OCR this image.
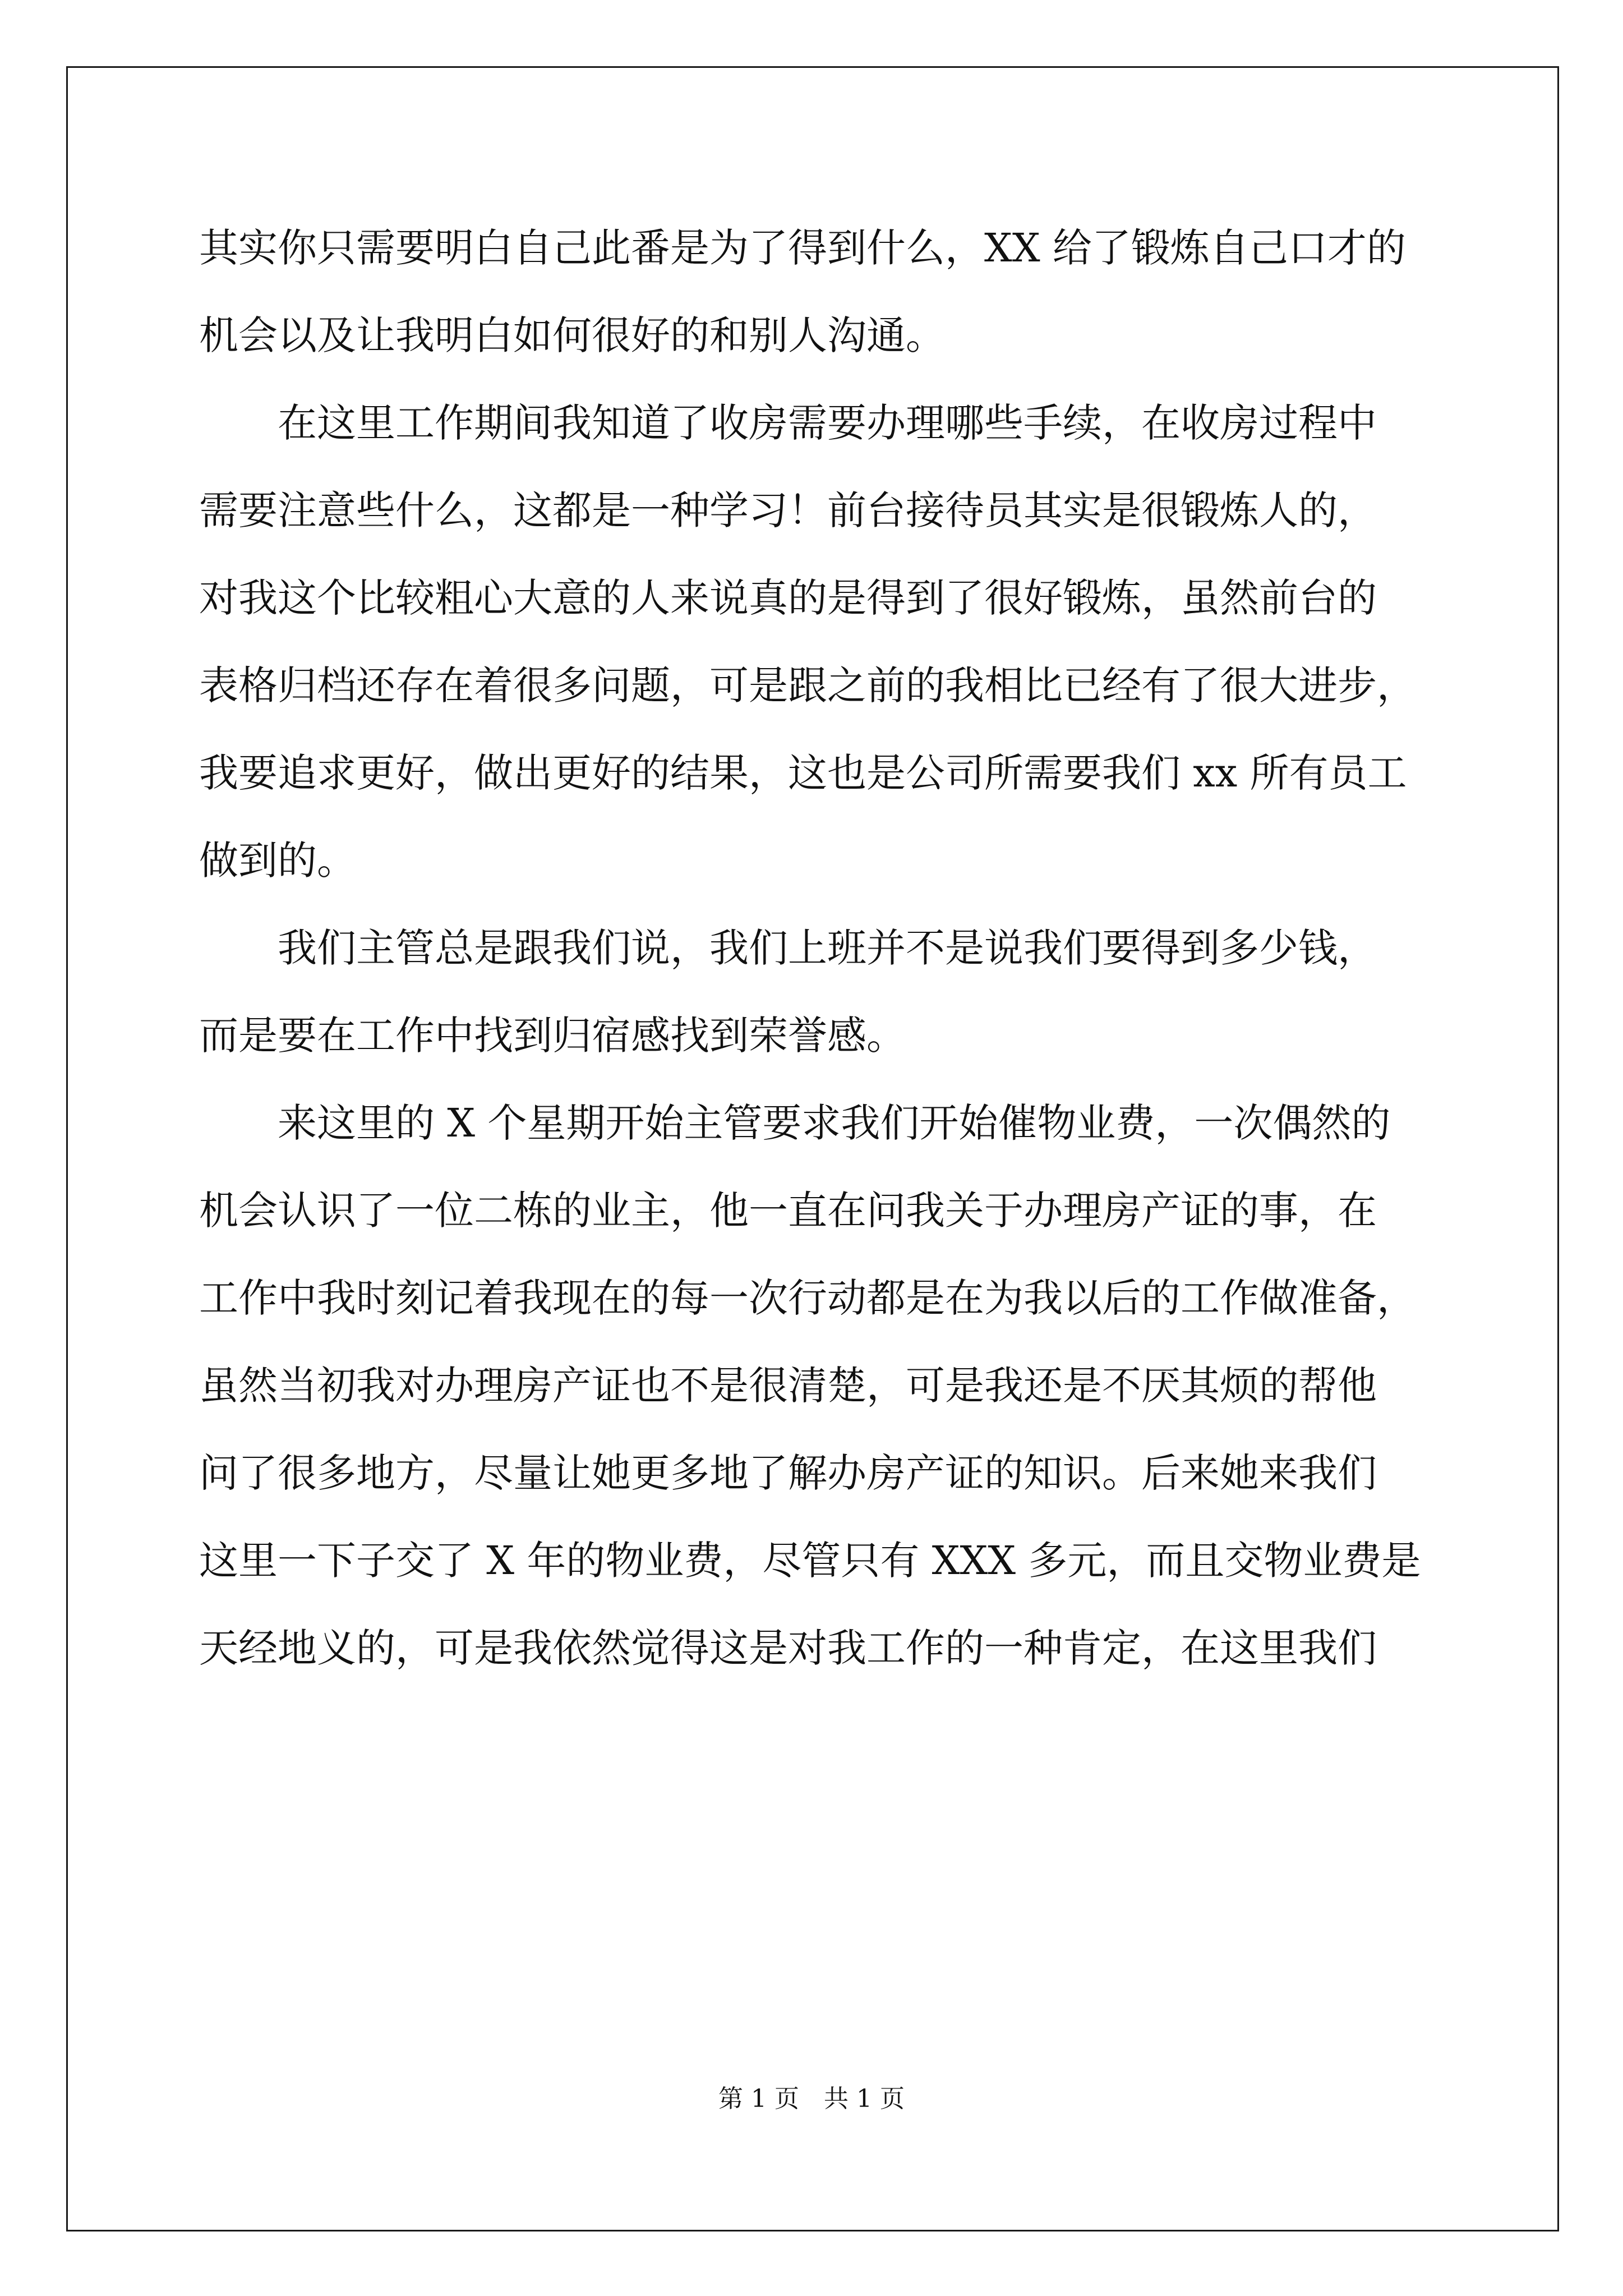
其实你只需要明白自己此番是为了得到什么，XX 给了锻炼自己口才的
机会以及让我明白如何很好的和别人沟通。
　　在这里工作期间我知道了收房需要办理哪些手续，在收房过程中
需要注意些什么，这都是一种学习！前台接待员其实是很锻炼人的，
对我这个比较粗心大意的人来说真的是得到了很好锻炼，虽然前台的
表格归档还存在着很多问题，可是跟之前的我相比已经有了很大进步，
我要追求更好，做出更好的结果，这也是公司所需要我们 xx 所有员工
做到的。
　　我们主管总是跟我们说，我们上班并不是说我们要得到多少钱，
而是要在工作中找到归宿感找到荣誉感。
　　来这里的 X 个星期开始主管要求我们开始催物业费，一次偶然的
机会认识了一位二栋的业主，他一直在问我关于办理房产证的事，在
工作中我时刻记着我现在的每一次行动都是在为我以后的工作做准备，
虽然当初我对办理房产证也不是很清楚，可是我还是不厌其烦的帮他
问了很多地方，尽量让她更多地了解办房产证的知识。后来她来我们
这里一下子交了 X 年的物业费，尽管只有 XXX 多元，而且交物业费是
天经地义的，可是我依然觉得这是对我工作的一种肯定，在这里我们
第 1 页　共 1 页
